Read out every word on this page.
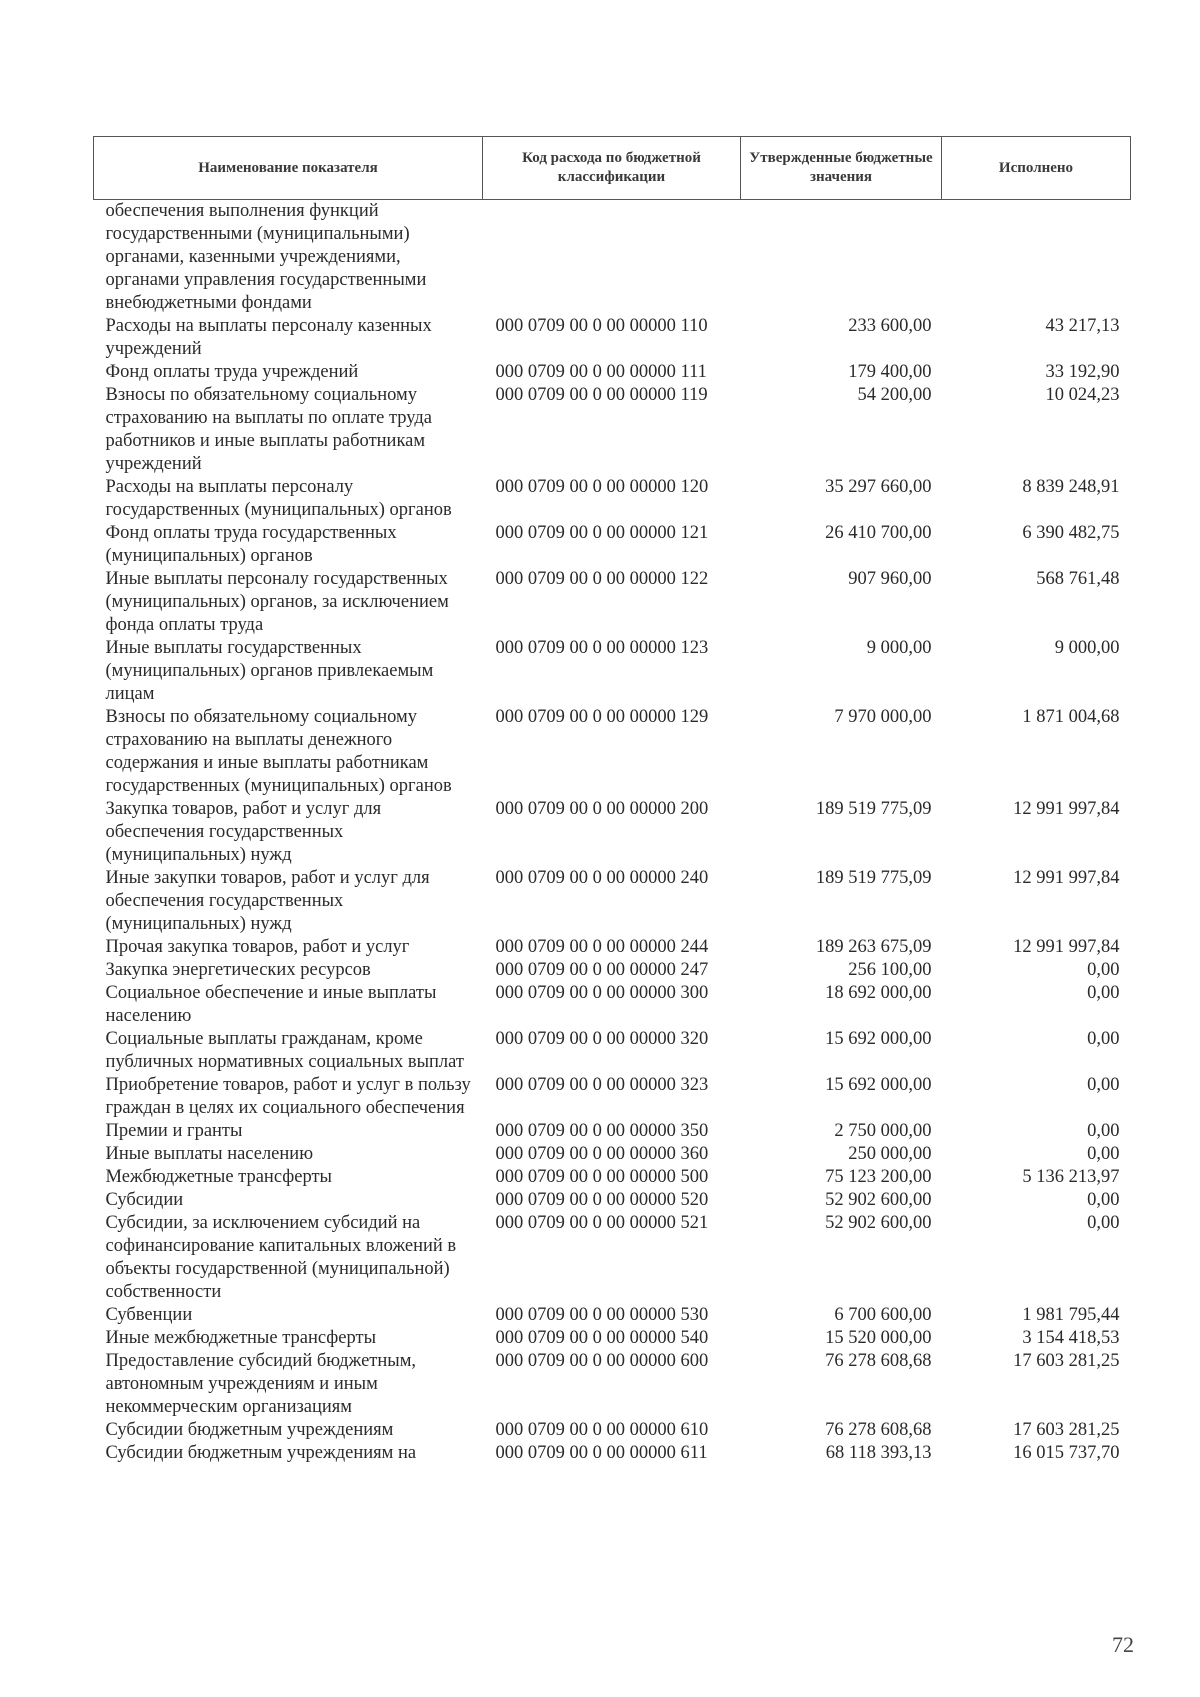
Наименование показателя	Код расхода по бюджетной классификации	Утвержденные бюджетные значения	Исполнено
обеспечения выполнения функций государственными (муниципальными) органами, казенными учреждениями, органами управления государственными внебюджетными фондами			
Расходы на выплаты персоналу казенных учреждений	000 0709 00 0 00 00000 110	233 600,00	43 217,13
Фонд оплаты труда учреждений	000 0709 00 0 00 00000 111	179 400,00	33 192,90
Взносы по обязательному социальному страхованию на выплаты по оплате труда работников и иные выплаты работникам учреждений	000 0709 00 0 00 00000 119	54 200,00	10 024,23
Расходы на выплаты персоналу государственных (муниципальных) органов	000 0709 00 0 00 00000 120	35 297 660,00	8 839 248,91
Фонд оплаты труда государственных (муниципальных) органов	000 0709 00 0 00 00000 121	26 410 700,00	6 390 482,75
Иные выплаты персоналу государственных (муниципальных) органов, за исключением фонда оплаты труда	000 0709 00 0 00 00000 122	907 960,00	568 761,48
Иные выплаты государственных (муниципальных) органов привлекаемым лицам	000 0709 00 0 00 00000 123	9 000,00	9 000,00
Взносы по обязательному социальному страхованию на выплаты денежного содержания и иные выплаты работникам государственных (муниципальных) органов	000 0709 00 0 00 00000 129	7 970 000,00	1 871 004,68
Закупка товаров, работ и услуг для обеспечения государственных (муниципальных) нужд	000 0709 00 0 00 00000 200	189 519 775,09	12 991 997,84
Иные закупки товаров, работ и услуг для обеспечения государственных (муниципальных) нужд	000 0709 00 0 00 00000 240	189 519 775,09	12 991 997,84
Прочая закупка товаров, работ и услуг	000 0709 00 0 00 00000 244	189 263 675,09	12 991 997,84
Закупка энергетических ресурсов	000 0709 00 0 00 00000 247	256 100,00	0,00
Социальное обеспечение и иные выплаты населению	000 0709 00 0 00 00000 300	18 692 000,00	0,00
Социальные выплаты гражданам, кроме публичных нормативных социальных выплат	000 0709 00 0 00 00000 320	15 692 000,00	0,00
Приобретение товаров, работ и услуг в пользу граждан в целях их социального обеспечения	000 0709 00 0 00 00000 323	15 692 000,00	0,00
Премии и гранты	000 0709 00 0 00 00000 350	2 750 000,00	0,00
Иные выплаты населению	000 0709 00 0 00 00000 360	250 000,00	0,00
Межбюджетные трансферты	000 0709 00 0 00 00000 500	75 123 200,00	5 136 213,97
Субсидии	000 0709 00 0 00 00000 520	52 902 600,00	0,00
Субсидии, за исключением субсидий на софинансирование капитальных вложений в объекты государственной (муниципальной) собственности	000 0709 00 0 00 00000 521	52 902 600,00	0,00
Субвенции	000 0709 00 0 00 00000 530	6 700 600,00	1 981 795,44
Иные межбюджетные трансферты	000 0709 00 0 00 00000 540	15 520 000,00	3 154 418,53
Предоставление субсидий бюджетным, автономным учреждениям и иным некоммерческим организациям	000 0709 00 0 00 00000 600	76 278 608,68	17 603 281,25
Субсидии бюджетным учреждениям	000 0709 00 0 00 00000 610	76 278 608,68	17 603 281,25
Субсидии бюджетным учреждениям на	000 0709 00 0 00 00000 611	68 118 393,13	16 015 737,70
72
